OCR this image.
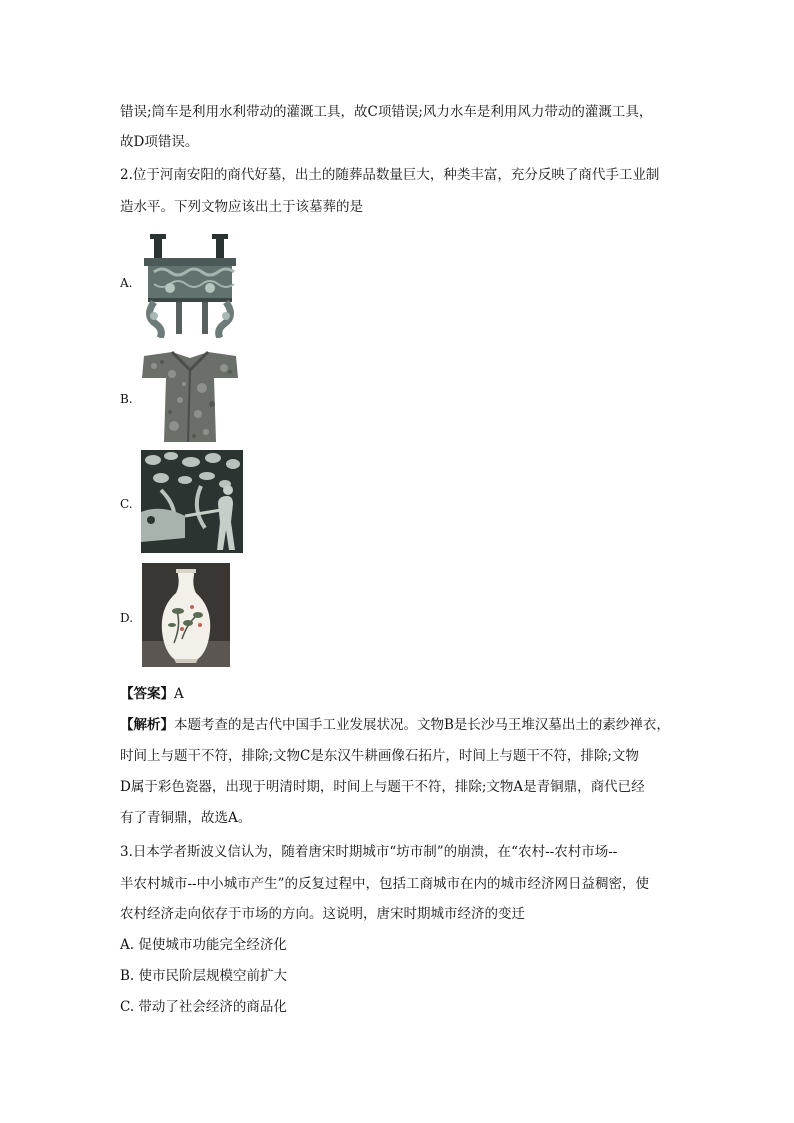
错误;筒车是利用水利带动的灌溉工具，故C项错误;风力水车是利用风力带动的灌溉工具，
故D项错误。
2.位于河南安阳的商代好墓，出土的随葬品数量巨大，种类丰富，充分反映了商代手工业制
造水平。下列文物应该出土于该墓葬的是
A.
B.
C.
D.
【答案】A
【解析】本题考查的是古代中国手工业发展状况。文物B是长沙马王堆汉墓出土的素纱禅衣，
时间上与题干不符，排除;文物C是东汉牛耕画像石拓片，时间上与题干不符，排除;文物
D属于彩色瓷器，出现于明清时期，时间上与题干不符，排除;文物A是青铜鼎，商代已经
有了青铜鼎，故选A。
3.日本学者斯波义信认为，随着唐宋时期城市“坊市制”的崩溃，在“农村--农村市场--
半农村城市--中小城市产生”的反复过程中，包括工商城市在内的城市经济网日益稠密，使
农村经济走向依存于市场的方向。这说明，唐宋时期城市经济的变迁
A. 促使城市功能完全经济化
B. 使市民阶层规模空前扩大
C. 带动了社会经济的商品化
